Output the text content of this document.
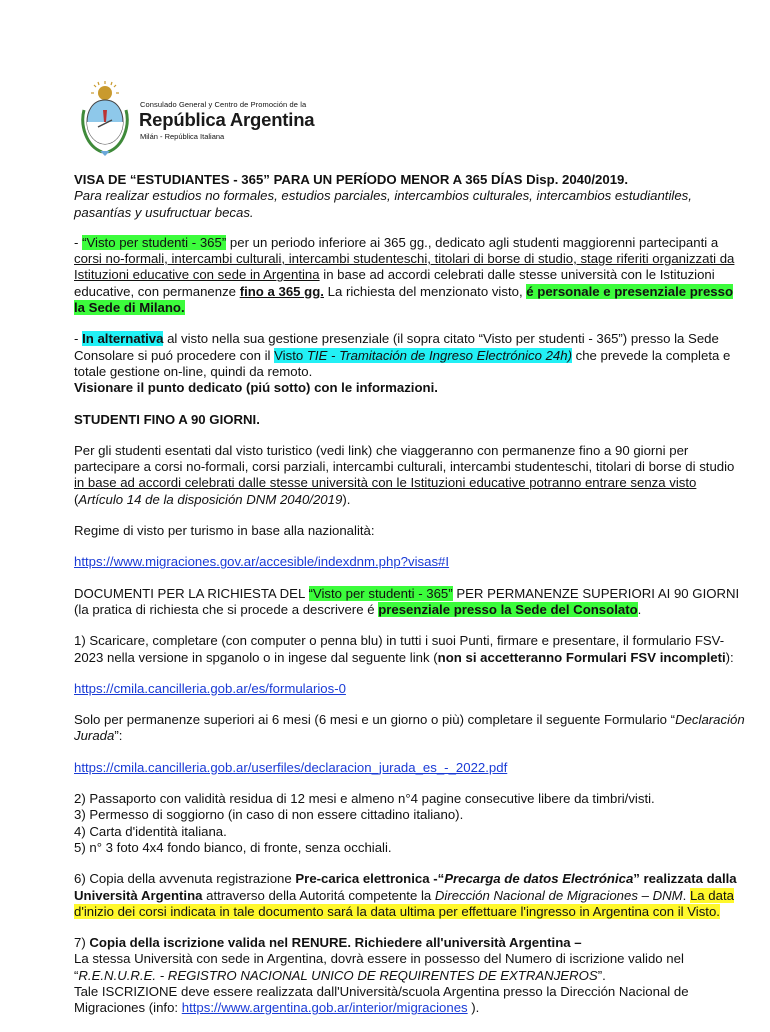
Consulado General y Centro de Promoción de la
República Argentina
Milán - República Italiana

VISA DE “ESTUDIANTES - 365” PARA UN PERÍODO MENOR A 365 DÍAS Disp. 2040/2019.
Para realizar estudios no formales, estudios parciales, intercambios culturales, intercambios estudiantiles, pasantías y usufructuar becas.

- “Visto per studenti - 365” per un periodo inferiore ai 365 gg., dedicato agli studenti maggiorenni partecipanti a corsi no-formali, intercambi culturali, intercambi studenteschi, titolari di borse di studio, stage riferiti organizzati da Istituzioni educative con sede in Argentina in base ad accordi celebrati dalle stesse università con le Istituzioni educative, con permanenze fino a 365 gg. La richiesta del menzionato visto, é personale e presenziale presso la Sede di Milano.

- In alternativa al visto nella sua gestione presenziale (il sopra citato “Visto per studenti - 365”) presso la Sede Consolare si puó procedere con il Visto TIE - Tramitación de Ingreso Electrónico 24h) che prevede la completa e totale gestione on-line, quindi da remoto.
Visionare il punto dedicato (piú sotto) con le informazioni.

STUDENTI FINO A 90 GIORNI.

Per gli studenti esentati dal visto turistico (vedi link) che viaggeranno con permanenze fino a 90 giorni per partecipare a corsi no-formali, corsi parziali, intercambi culturali, intercambi studenteschi, titolari di borse di studio in base ad accordi celebrati dalle stesse università con le Istituzioni educative potranno entrare senza visto (Artículo 14 de la disposición DNM 2040/2019).

Regime di visto per turismo in base alla nazionalità:

https://www.migraciones.gov.ar/accesible/indexdnm.php?visas#I

DOCUMENTI PER LA RICHIESTA DEL “Visto per studenti - 365” PER PERMANENZE SUPERIORI AI 90 GIORNI (la pratica di richiesta che si procede a descrivere é presenziale presso la Sede del Consolato.

1) Scaricare, completare (con computer o penna blu) in tutti i suoi Punti, firmare e presentare, il formulario FSV-2023 nella versione in spganolo o in ingese dal seguente link (non si accetteranno Formulari FSV incompleti):

https://cmila.cancilleria.gob.ar/es/formularios-0

Solo per permanenze superiori ai 6 mesi (6 mesi e un giorno o più) completare il seguente Formulario “Declaración Jurada”:

https://cmila.cancilleria.gob.ar/userfiles/declaracion_jurada_es_-_2022.pdf

2) Passaporto con validità residua di 12 mesi e almeno n°4 pagine consecutive libere da timbri/visti.
3) Permesso di soggiorno (in caso di non essere cittadino italiano).
4) Carta d'identità italiana.
5) n° 3 foto 4x4 fondo bianco, di fronte, senza occhiali.

6) Copia della avvenuta registrazione Pre-carica elettronica -“Precarga de datos Electrónica” realizzata dalla Università Argentina attraverso della Autoritá competente la Dirección Nacional de Migraciones – DNM. La data d'inizio dei corsi indicata in tale documento sará la data ultima per effettuare l'ingresso in Argentina con il Visto.

7) Copia della iscrizione valida nel RENURE. Richiedere all'università Argentina –
La stessa Università con sede in Argentina, dovrà essere in possesso del Numero di iscrizione valido nel “R.E.N.U.R.E. - REGISTRO NACIONAL UNICO DE REQUIRENTES DE EXTRANJEROS”.
Tale ISCRIZIONE deve essere realizzata dall'Università/scuola Argentina presso la Dirección Nacional de Migraciones (info: https://www.argentina.gob.ar/interior/migraciones ).
